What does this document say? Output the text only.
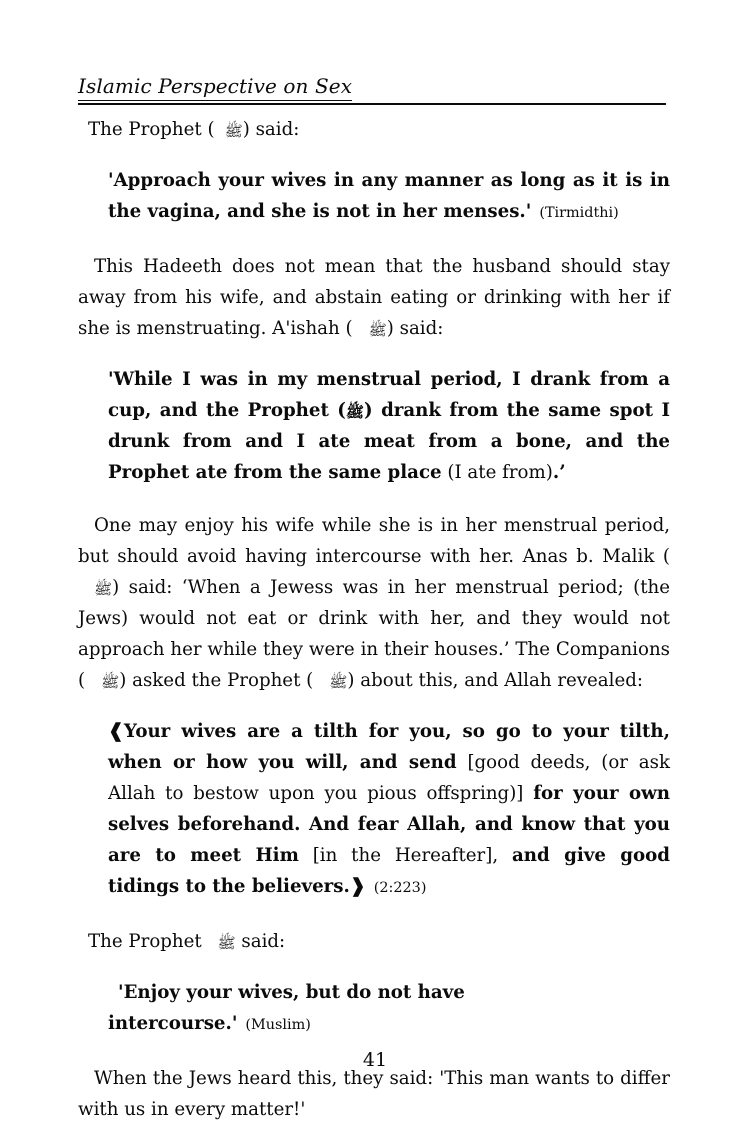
Islamic Perspective on Sex

The Prophet ( ﷺ) said:

'Approach your wives in any manner as long as it is in the vagina, and she is not in her menses.' (Tirmidthi)

This Hadeeth does not mean that the husband should stay away from his wife, and abstain eating or drinking with her if she is menstruating. A'ishah ( ﷺ) said:

'While I was in my menstrual period, I drank from a cup, and the Prophet (ﷺ) drank from the same spot I drunk from and I ate meat from a bone, and the Prophet ate from the same place (I ate from).’

One may enjoy his wife while she is in her menstrual period, but should avoid having intercourse with her. Anas b. Malik (ﷺ) said: ‘When a Jewess was in her menstrual period; (the Jews) would not eat or drink with her, and they would not approach her while they were in their houses.’ The Companions ( ﷺ) asked the Prophet ( ﷺ) about this, and Allah revealed:

❰Your wives are a tilth for you, so go to your tilth, when or how you will, and send [good deeds, (or ask Allah to bestow upon you pious offspring)] for your own selves beforehand. And fear Allah, and know that you are to meet Him [in the Hereafter], and give good tidings to the believers.❱ (2:223)

The Prophet ﷺ said:

'Enjoy your wives, but do not have intercourse.' (Muslim)

When the Jews heard this, they said: 'This man wants to differ with us in every matter!'

41
